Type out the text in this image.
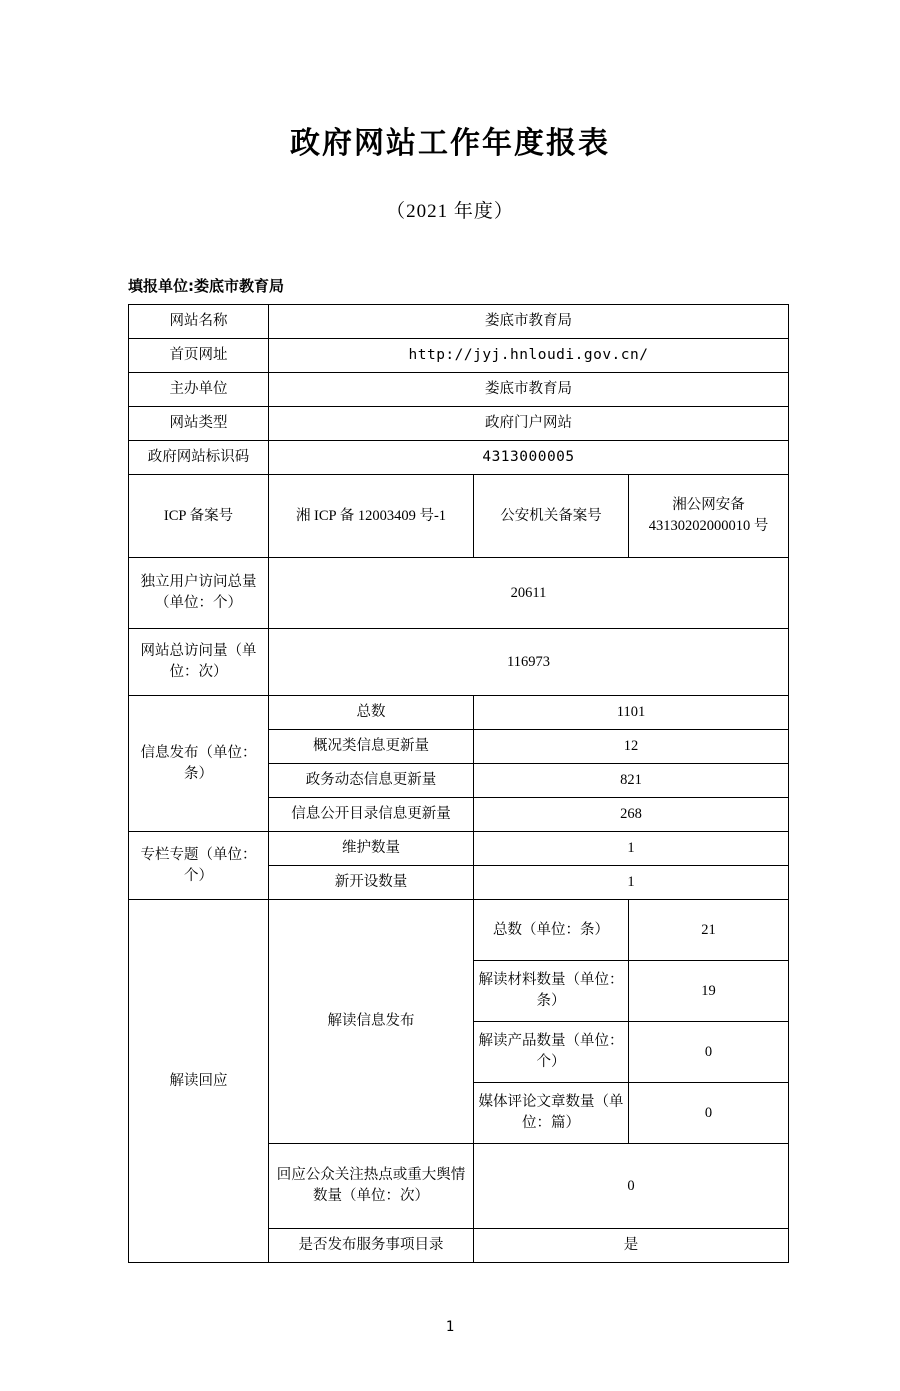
政府网站工作年度报表
（2021 年度）
填报单位:娄底市教育局
网站名称	娄底市教育局		
首页网址	http://jyj.hnloudi.gov.cn/		
主办单位	娄底市教育局		
网站类型	政府门户网站		
政府网站标识码	4313000005		
ICP 备案号	湘 ICP 备 12003409 号-1	公安机关备案号	湘公网安备 43130202000010 号
独立用户访问总量（单位：个）	20611		
网站总访问量（单位：次）	116973		
信息发布（单位：条）	总数	1101	
	概况类信息更新量	12	
	政务动态信息更新量	821	
	信息公开目录信息更新量	268	
专栏专题（单位：个）	维护数量	1	
	新开设数量	1	
解读回应	解读信息发布	总数（单位：条）	21
		解读材料数量（单位：条）	19
		解读产品数量（单位：个）	0
		媒体评论文章数量（单位：篇）	0
	回应公众关注热点或重大舆情数量（单位：次）	0	
	是否发布服务事项目录	是	
1
